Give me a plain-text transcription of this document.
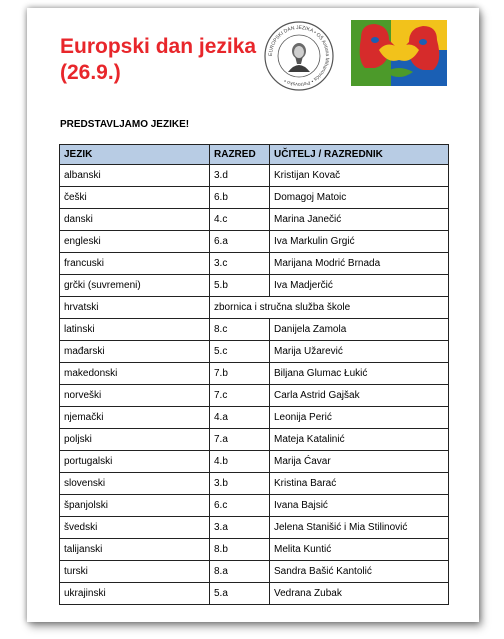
Europski dan jezika
(26.9.)
EUROPSKI DAN JEZIKA • OŠ Antuna Mihanovića • Petrovsko •

PREDSTAVLJAMO JEZIKE!

JEZIK	RAZRED	UČITELJ / RAZREDNIK
albanski	3.d	Kristijan Kovač
češki	6.b	Domagoj Matoic
danski	4.c	Marina Janečić
engleski	6.a	Iva Markulin Grgić
francuski	3.c	Marijana Modrić Brnada
grčki (suvremeni)	5.b	Iva Madjerčić
hrvatski	zbornica i stručna služba škole	
latinski	8.c	Danijela Zamola
mađarski	5.c	Marija Užarević
makedonski	7.b	Biljana Glumac Łukić
norveški	7.c	Carla Astrid Gajšak
njemački	4.a	Leonija Perić
poljski	7.a	Mateja Katalinić
portugalski	4.b	Marija Ćavar
slovenski	3.b	Kristina Barać
španjolski	6.c	Ivana Bajsić
švedski	3.a	Jelena Stanišić i Mia Stilinović
talijanski	8.b	Melita Kuntić
turski	8.a	Sandra Bašić Kantolić
ukrajinski	5.a	Vedrana Zubak
